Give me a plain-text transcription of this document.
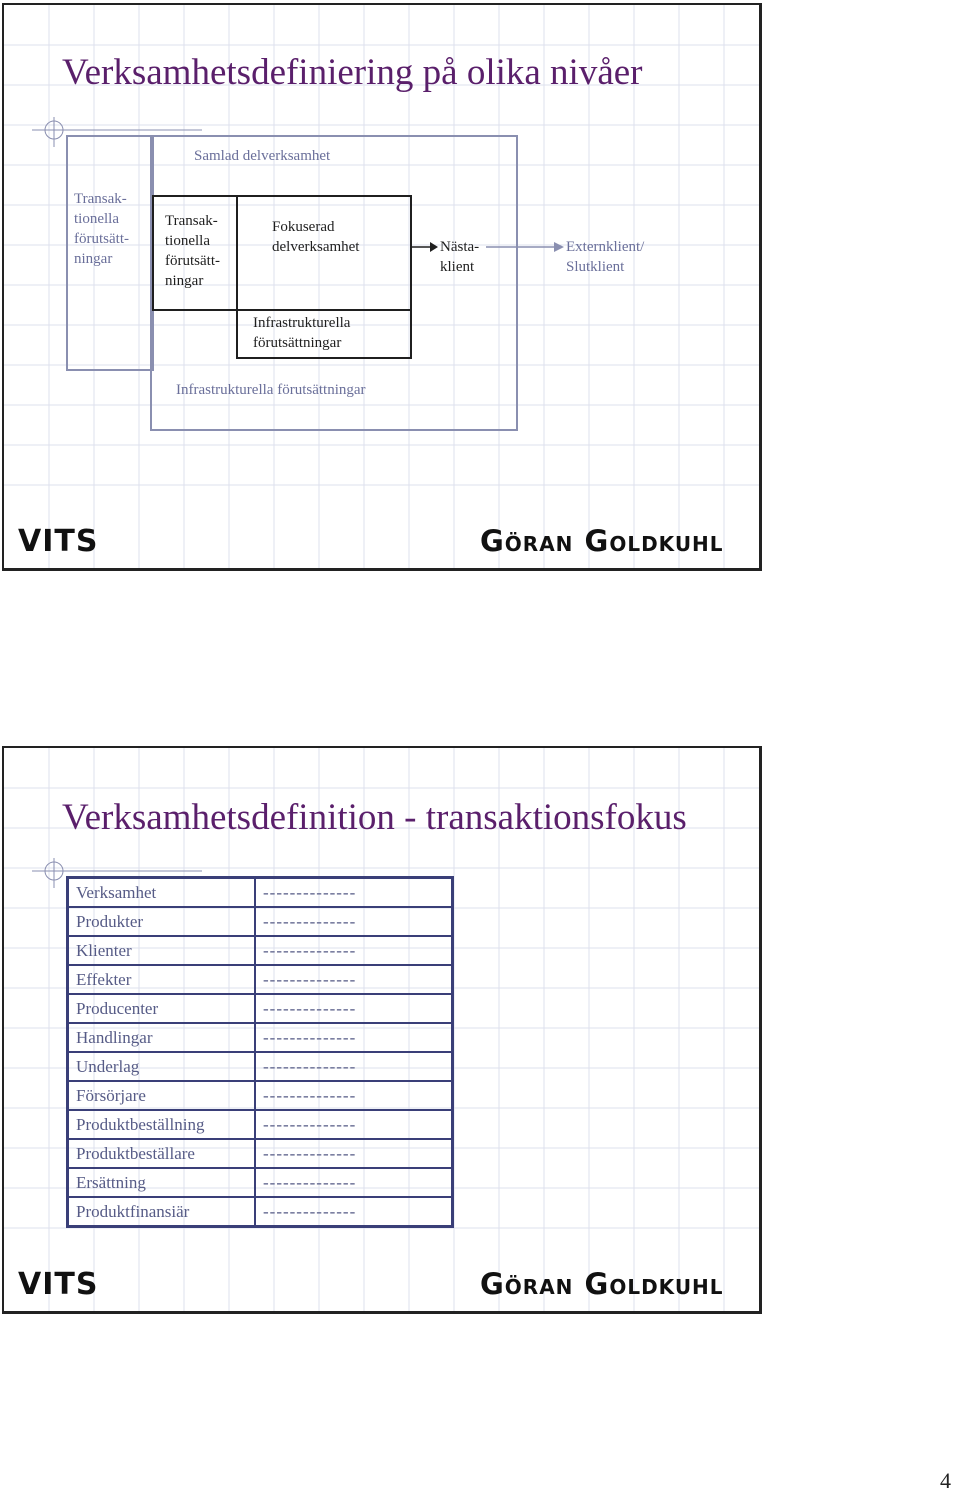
Verksamhetsdefiniering på olika nivåer
Samlad delverksamhet
Transak-
tionella
förutsätt-
ningar
Transak-
tionella
förutsätt-
ningar
Fokuserad
delverksamhet
Infrastrukturella
förutsättningar
Nästa-
klient
Externklient/
Slutklient
Infrastrukturella förutsättningar
VITS	Göran Goldkuhl
Verksamhetsdefinition - transaktionsfokus
Verksamhet	--------------
Produkter	--------------
Klienter	--------------
Effekter	--------------
Producenter	--------------
Handlingar	--------------
Underlag	--------------
Försörjare	--------------
Produktbeställning	--------------
Produktbeställare	--------------
Ersättning	--------------
Produktfinansiär	--------------
VITS	Göran Goldkuhl
4
